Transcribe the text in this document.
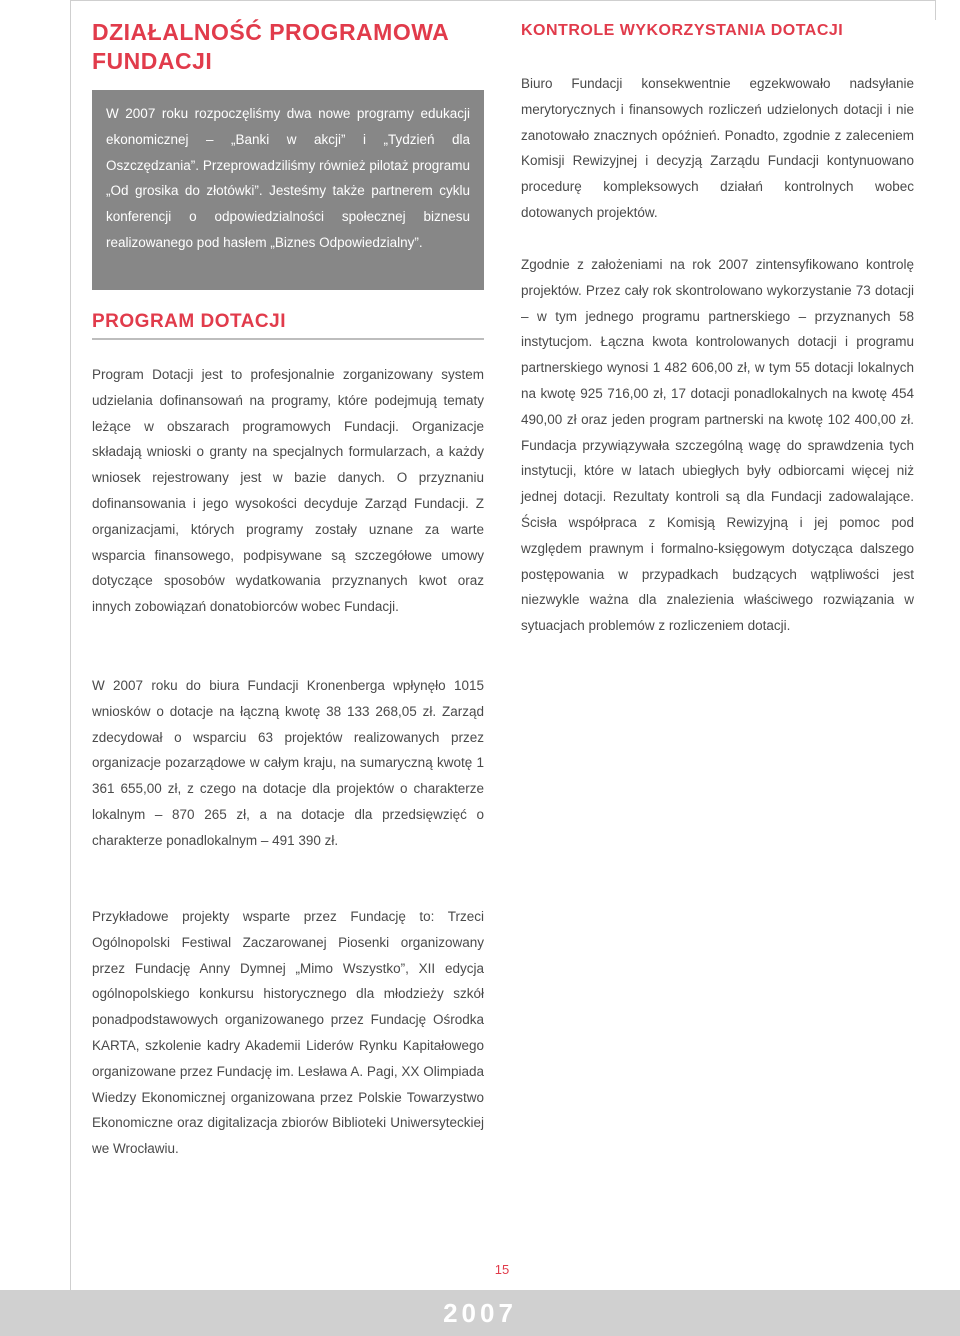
DZIAŁALNOŚĆ PROGRAMOWA FUNDACJI

W 2007 roku rozpoczęliśmy dwa nowe programy edukacji ekonomicznej – „Banki w akcji” i „Tydzień dla Oszczędzania”. Przeprowadziliśmy również pilotaż programu „Od grosika do złotówki”. Jesteśmy także partnerem cyklu konferencji o odpowiedzialności społecznej biznesu realizowanego pod hasłem „Biznes Odpowiedzialny”.

PROGRAM DOTACJI

Program Dotacji jest to profesjonalnie zorganizowany system udzielania dofinansowań na programy, które podejmują tematy leżące w obszarach programowych Fundacji. Organizacje składają wnioski o granty na specjalnych formularzach, a każdy wniosek rejestrowany jest w bazie danych. O przyznaniu dofinansowania i jego wysokości decyduje Zarząd Fundacji. Z organizacjami, których programy zostały uznane za warte wsparcia finansowego, podpisywane są szczegółowe umowy dotyczące sposobów wydatkowania przyznanych kwot oraz innych zobowiązań donatobiorców wobec Fundacji.

W 2007 roku do biura Fundacji Kronenberga wpłynęło 1015 wniosków o dotacje na łączną kwotę 38 133 268,05 zł. Zarząd zdecydował o wsparciu 63 projektów realizowanych przez organizacje pozarządowe w całym kraju, na sumaryczną kwotę 1 361 655,00 zł, z czego na dotacje dla projektów o charakterze lokalnym – 870 265 zł, a na dotacje dla przedsięwzięć o charakterze ponadlokalnym – 491 390 zł.

Przykładowe projekty wsparte przez Fundację to: Trzeci Ogólnopolski Festiwal Zaczarowanej Piosenki organizowany przez Fundację Anny Dymnej „Mimo Wszystko”, XII edycja ogólnopolskiego konkursu historycznego dla młodzieży szkół ponadpodstawowych organizowanego przez Fundację Ośrodka KARTA, szkolenie kadry Akademii Liderów Rynku Kapitałowego organizowane przez Fundację im. Lesława A. Pagi, XX Olimpiada Wiedzy Ekonomicznej organizowana przez Polskie Towarzystwo Ekonomiczne oraz digitalizacja zbiorów Biblioteki Uniwersyteckiej we Wrocławiu.

KONTROLE WYKORZYSTANIA DOTACJI

Biuro Fundacji konsekwentnie egzekwowało nadsyłanie merytorycznych i finansowych rozliczeń udzielonych dotacji i nie zanotowało znacznych opóźnień. Ponadto, zgodnie z zaleceniem Komisji Rewizyjnej i decyzją Zarządu Fundacji kontynuowano procedurę kompleksowych działań kontrolnych wobec dotowanych projektów.

Zgodnie z założeniami na rok 2007 zintensyfikowano kontrolę projektów. Przez cały rok skontrolowano wykorzystanie 73 dotacji – w tym jednego programu partnerskiego – przyznanych 58 instytucjom. Łączna kwota kontrolowanych dotacji i programu partnerskiego wynosi 1 482 606,00 zł, w tym 55 dotacji lokalnych na kwotę 925 716,00 zł, 17 dotacji ponadlokalnych na kwotę 454 490,00 zł oraz jeden program partnerski na kwotę 102 400,00 zł. Fundacja przywiązywała szczególną wagę do sprawdzenia tych instytucji, które w latach ubiegłych były odbiorcami więcej niż jednej dotacji. Rezultaty kontroli są dla Fundacji zadowalające. Ścisła współpraca z Komisją Rewizyjną i jej pomoc pod względem prawnym i formalno-księgowym dotycząca dalszego postępowania w przypadkach budzących wątpliwości jest niezwykle ważna dla znalezienia właściwego rozwiązania w sytuacjach problemów z rozliczeniem dotacji.

15
2007
